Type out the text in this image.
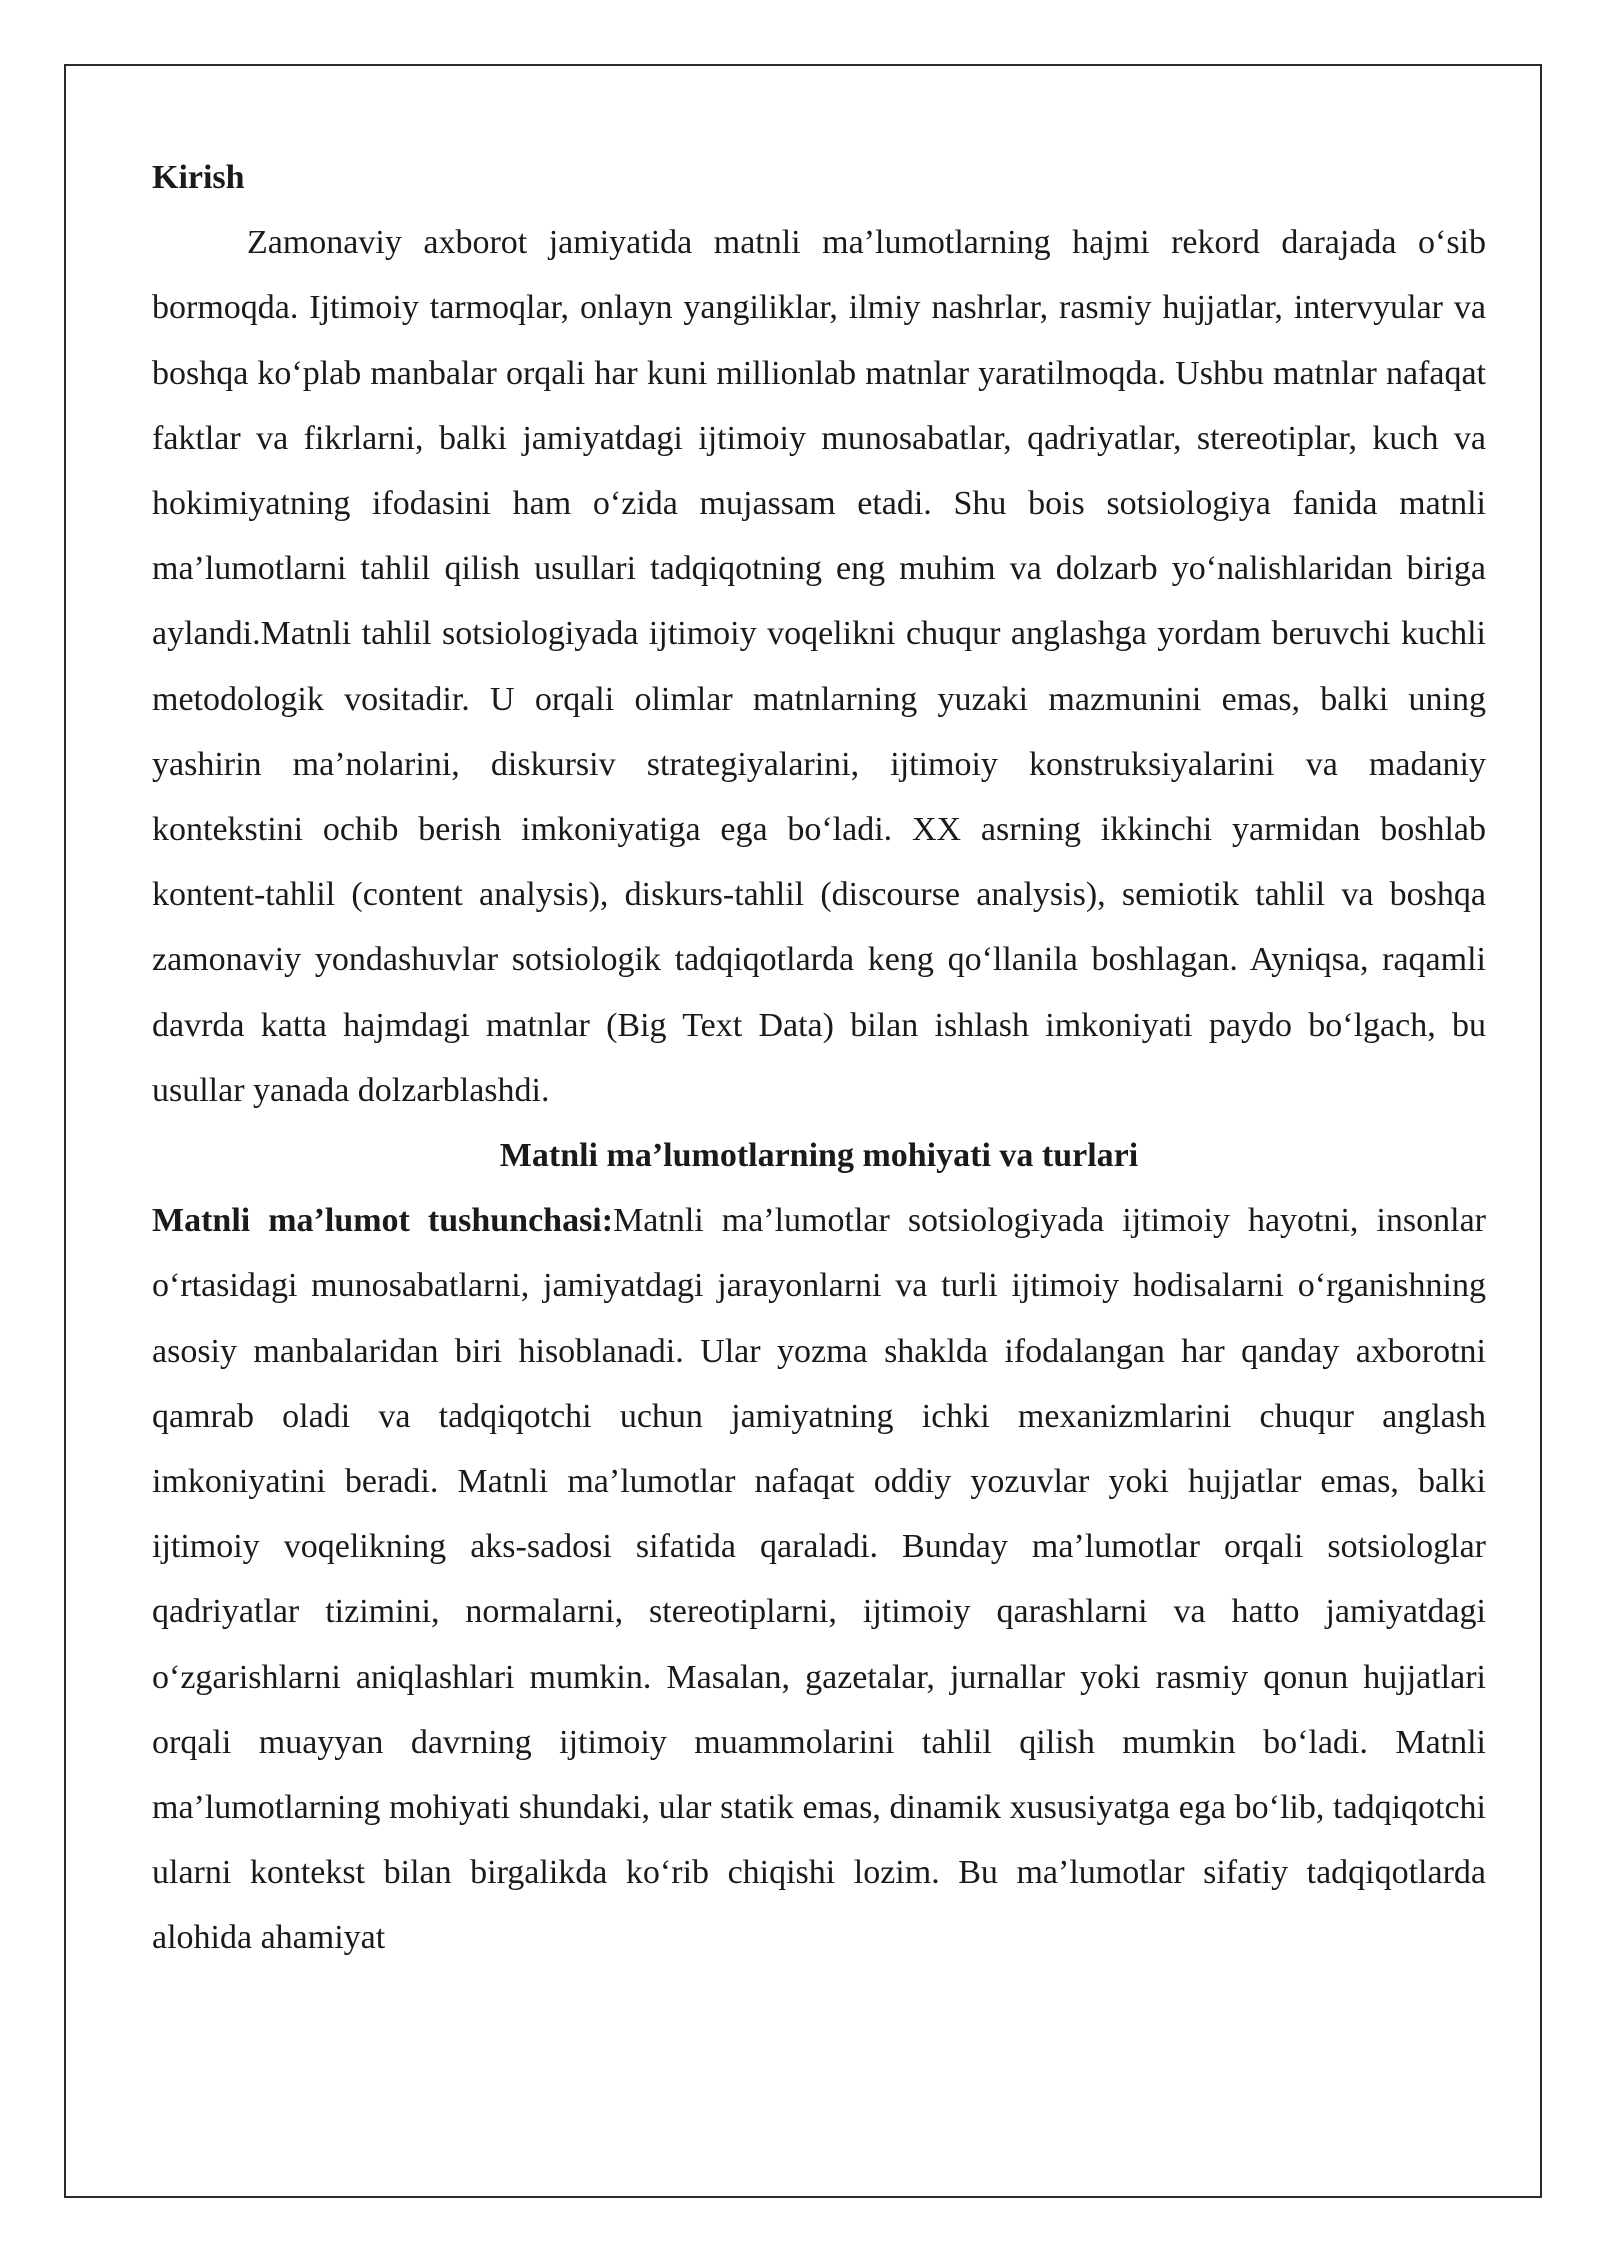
Kirish

Zamonaviy axborot jamiyatida matnli ma’lumotlarning hajmi rekord darajada o‘sib bormoqda. Ijtimoiy tarmoqlar, onlayn yangiliklar, ilmiy nashrlar, rasmiy hujjatlar, intervyular va boshqa ko‘plab manbalar orqali har kuni millionlab matnlar yaratilmoqda. Ushbu matnlar nafaqat faktlar va fikrlarni, balki jamiyatdagi ijtimoiy munosabatlar, qadriyatlar, stereotiplar, kuch va hokimiyatning ifodasini ham o‘zida mujassam etadi. Shu bois sotsiologiya fanida matnli ma’lumotlarni tahlil qilish usullari tadqiqotning eng muhim va dolzarb yo‘nalishlaridan biriga aylandi.Matnli tahlil sotsiologiyada ijtimoiy voqelikni chuqur anglashga yordam beruvchi kuchli metodologik vositadir. U orqali olimlar matnlarning yuzaki mazmunini emas, balki uning yashirin ma’nolarini, diskursiv strategiyalarini, ijtimoiy konstruksiyalarini va madaniy kontekstini ochib berish imkoniyatiga ega bo‘ladi. XX asrning ikkinchi yarmidan boshlab kontent-tahlil (content analysis), diskurs-tahlil (discourse analysis), semiotik tahlil va boshqa zamonaviy yondashuvlar sotsiologik tadqiqotlarda keng qo‘llanila boshlagan. Ayniqsa, raqamli davrda katta hajmdagi matnlar (Big Text Data) bilan ishlash imkoniyati paydo bo‘lgach, bu usullar yanada dolzarblashdi.

Matnli ma’lumotlarning mohiyati va turlari

Matnli ma’lumot tushunchasi:Matnli ma’lumotlar sotsiologiyada ijtimoiy hayotni, insonlar o‘rtasidagi munosabatlarni, jamiyatdagi jarayonlarni va turli ijtimoiy hodisalarni o‘rganishning asosiy manbalaridan biri hisoblanadi. Ular yozma shaklda ifodalangan har qanday axborotni qamrab oladi va tadqiqotchi uchun jamiyatning ichki mexanizmlarini chuqur anglash imkoniyatini beradi. Matnli ma’lumotlar nafaqat oddiy yozuvlar yoki hujjatlar emas, balki ijtimoiy voqelikning aks-sadosi sifatida qaraladi. Bunday ma’lumotlar orqali sotsiologlar qadriyatlar tizimini, normalarni, stereotiplarni, ijtimoiy qarashlarni va hatto jamiyatdagi o‘zgarishlarni aniqlashlari mumkin. Masalan, gazetalar, jurnallar yoki rasmiy qonun hujjatlari orqali muayyan davrning ijtimoiy muammolarini tahlil qilish mumkin bo‘ladi. Matnli ma’lumotlarning mohiyati shundaki, ular statik emas, dinamik xususiyatga ega bo‘lib, tadqiqotchi ularni kontekst bilan birgalikda ko‘rib chiqishi lozim. Bu ma’lumotlar sifatiy tadqiqotlarda alohida ahamiyat
